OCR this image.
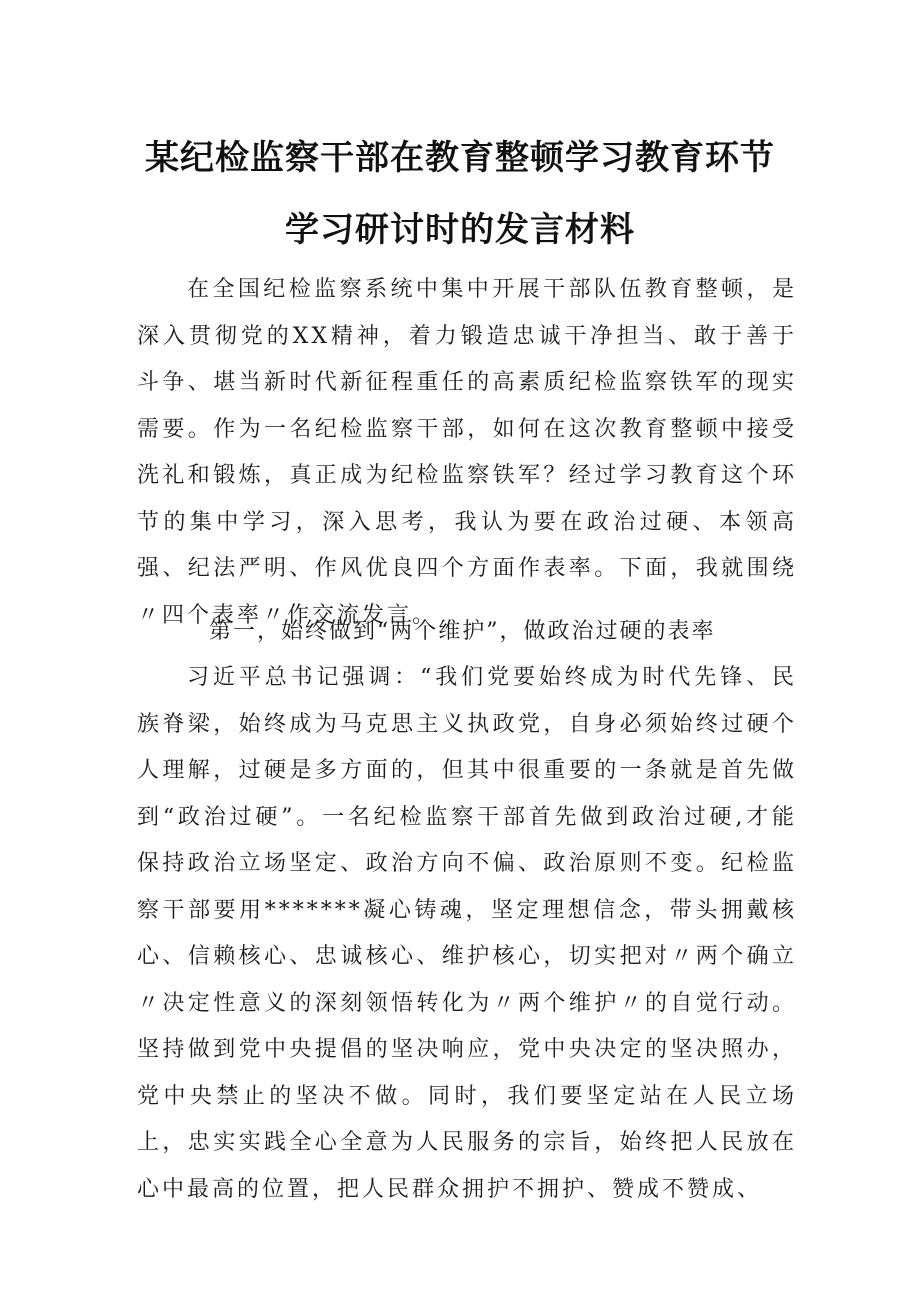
某纪检监察干部在教育整顿学习教育环节
学习研讨时的发言材料

在全国纪检监察系统中集中开展干部队伍教育整顿，是深入贯彻党的XX精神，着力锻造忠诚干净担当、敢于善于斗争、堪当新时代新征程重任的高素质纪检监察铁军的现实需要。作为一名纪检监察干部，如何在这次教育整顿中接受洗礼和锻炼，真正成为纪检监察铁军？经过学习教育这个环节的集中学习，深入思考，我认为要在政治过硬、本领高强、纪法严明、作风优良四个方面作表率。下面，我就围绕〃四个表率〃作交流发言。

第一，始终做到“两个维护”，做政治过硬的表率

习近平总书记强调：“我们党要始终成为时代先锋、民族脊梁，始终成为马克思主义执政党，自身必须始终过硬个人理解，过硬是多方面的，但其中很重要的一条就是首先做到“政治过硬”。一名纪检监察干部首先做到政治过硬,才能保持政治立场坚定、政治方向不偏、政治原则不变。纪检监察干部要用*******凝心铸魂，坚定理想信念，带头拥戴核心、信赖核心、忠诚核心、维护核心，切实把对〃两个确立〃决定性意义的深刻领悟转化为〃两个维护〃的自觉行动。坚持做到党中央提倡的坚决响应，党中央决定的坚决照办，党中央禁止的坚决不做。同时，我们要坚定站在人民立场上，忠实实践全心全意为人民服务的宗旨，始终把人民放在心中最高的位置，把人民群众拥护不拥护、赞成不赞成、
